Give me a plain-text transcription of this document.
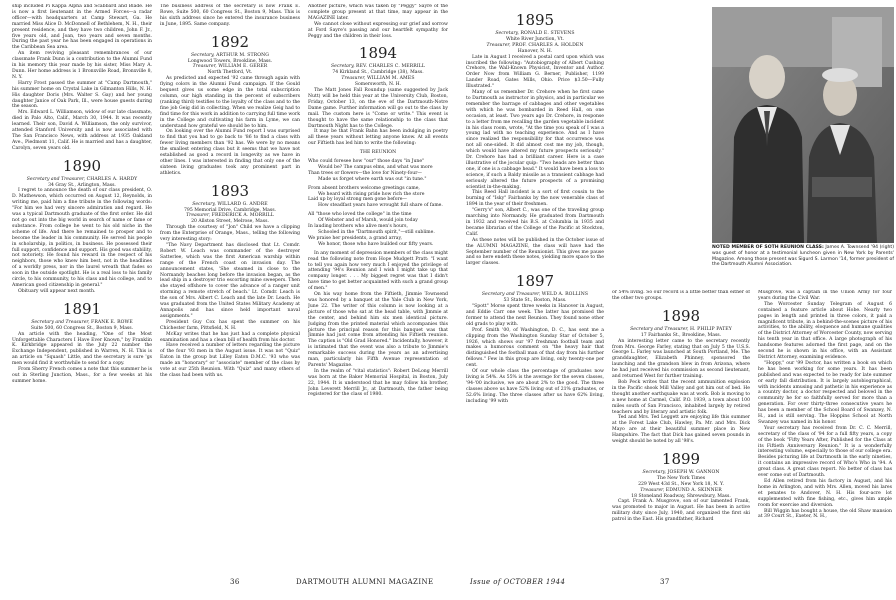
ship included Pi Kappa Alpha and Scabbard and Blade. He is now a first lieutenant in the Armed Forces—a radar officer—with headquarters at Camp Stewart, Ga. He married Miss Alice D. McDonnell of Bethlehem, N. H., their present residence, and they have two children, John F. Jr., five years old, and Joan, two years and seven months. During the past year he has been engaged in operations in the Caribbean Sea area.

An item reviving pleasant remembrances of our classmate Frank Dunn is a contribution to the Alumni Fund in his memory this year made by his sister, Miss Mary A. Dunn. Her home address is 1 Bronxville Road, Bronxville 8, N. Y.

Harry Frost passed the summer at "Camp Dartmouth," his summer home on Crystal Lake in Gilmanton Hills, N. H. His daughter Doris (Mrs. Walter S. Gay) and her young daughter Janice of Oak Park, Ill., were house guests during the season.

Mrs. Edward L. Williamson, widow of our late classmate, died in Palo Alto, Calif., March 30, 1944. It was recently learned. Their son, David A. Williamson, the only survivor, attended Stanford University and is now associated with The San Francisco News, with address at 1935 Oakland Ave., Piedmont 11, Calif. He is married and has a daughter, Carolyn, seven years old.

1890

Secretary and Treasurer, CHARLES A. HARDY

34 Gray St., Arlington, Mass.

I regret to announce the death of our class president, O. D. Mathewson, which occurred on August 12, Reynolds, in writing me, paid him a fine tribute in the following words: "For him we had very sincere admiration and regard. He was a typical Dartmouth graduate of the first order. He did not go out into the big world in search of name or fame or substance. From college he went to his old niche in the scheme of life. And there he remained to prosper and to become the leader in his community. He served his people in scholarship, in politics, in business. He possessed their full support, confidence and support. His good was stability, not notoriety. He found his reward in the respect of his neighbors, those who knew him best, not in the headlines of a worldly press, nor in the laurel wreath that fades so soon in the outside spotlight. He is a real loss to his family circle, to his community, to his class and his college, and to American good citizenship in general."

Obituary will appear next month.

1891

Secretary and Treasurer, FRANK E. ROWE

Suite 500, 60 Congress St., Boston 9, Mass.

An article with the heading, "One of the Most Unforgettable Characters I Have Ever Known," by Franklin K. Kirkbridge appeared in the July 22 number the Exchange Independent, published in Warren, N. H. This is an article on "Squash" Little, and the secretary is sure 'gs men would find it worthwhile to send for a copy.

From Sherry French comes a note that this summer he is out in Sterling Junction, Mass., for a few weeks at his summer home.

The business address of the secretary is now Frank E. Rowe, Suite 500, 60 Congress St., Boston 9, Mass. This is his sixth address since he entered the insurance business in June, 1895. Same company.

1892

Secretary, ARTHUR M. STRONG

Longwood Towers, Brookline, Mass.

Treasurer, WILLIAM E. GERER

North Thetford, Vt.

As predicted and expected '92 came through again with flying colors in the Alumni Fund campaign. If the Gould bequest gives us some edge in the total subscription column, our high standing in the percent of subscribers (ranking third) testifies to the loyalty of the class and to the fine job Geig did in collecting. When we realize Geig had to find time for this work in addition to carrying full time work in the College and cultivating his farm in Lyme, we can understand how grateful we should be to him.

On looking over the Alumni Fund report I was surprised to find that you had to go back to '86 to find a class with fewer living members than '92 has. We were by no means the smallest entering class but it seems that we have not established as good a record in longevity as we have in other lines. I was interested in finding that only one of the sixteen living graduates took any prominent part in athletics.

1893

Secretary, WILLARD G. ANDRE

795 Memorial Drive, Cambridge, Mass.

Treasurer, FREDERICK A. MORRILL

20 Allston Street, Melrose, Mass.

Through the courtesy of "Jon" Child we have a clipping from the Enterprise of Orange, Mass., telling the following very interesting story:

"The Navy Department has disclosed that Lt. Comdr. Robert W. Leach was commander of the destroyer Satterlee, which was the first American warship within range of the French coast on invasion day. The announcement states, 'She steamed in close to the Normandy beaches long before the invasion began, as the lead ship in a destroyer trio escorting mine sweepers. Then she stayed offshore to cover the advance of a ranger unit storming a remote stretch of beach.' Lt. Comdr. Leach is the son of Mrs. Albert C. Leach and the late Dr. Leach. He was graduated from the United States Military Academy at Annapolis and has since held important naval assignments."

President Guy Cox has spent the summer on his Chichester farm, Pittsfield, N. H.

McKay writes that he has just had a complete physical examination and has a clean bill of health from his doctor.

Have received a number of letters regarding the picture of the four '93 men in the August issue. It was not "Quiz" Eaton in the group but Lilley Eaton D.M.C. '93 who was made an "honorary" or "associate" member of the class by vote at our 25th Reunion. With "Quiz" and many others of the class had been with us.

Another picture, which was taken by "Peggy" Sayre of the complete group present at that time, may appear in the MAGAZINE later.

We cannot close without expressing our grief and sorrow at Ford Sayre's passing and our heartfelt sympathy for Peggy and the children in their loss.

1894

Secretary, REV. CHARLES C. MERRILL

74 Kirkland St., Cambridge (38), Mass.

Treasurer, WILLIAM M. AMES

Somersworth, N. H.

The Matt Jones Fall Roundup (same suggested by Jack Nutt) will be held this year at the University Club, Boston, Friday, October 13, on the eve of the Dartmouth-Notre Dame game. Further information will go out to the class by mail. The custom here is "Come or write." This event is thought to have the same relationship to the class that Dartmouth Night has to the College.

It may be that Frank Bahn has been indulging in poetry all these years without letting anyone know. At all events our Fiftieth has led him to write the following:

THE REUNION

Who could foresee how "our" those days "in June"

Would be? The campus elms, and what was more

Than trees or flowers—the love for Ninety-four—

Made us forget where earth was out "in tune."

From absent brothers welcome greetings came,

We heard with rising pride how rich the store

Laid up by loyal strong men gone before—

How steadfast years have wrought full share of fame.

All "those who loved the college" in the time

Of Webster and of Marsh, would join today

In lauding brothers who alive men's hours,

Schooled in the "Dartmouth spirit,"—still sublime.

We praise her presidents, a grand array,

We honor, those who have builded our fifty years.

In any moment of depression members of the class might read the following note from Hope Mudgett Pratt: "I want to tell you again how very much I enjoyed the privilege of attending '94's Reunion and I wish I might take up that company longer. . . . My biggest regret was that I didn't have time to get better acquainted with such a grand group of men."

On his way home from the Fiftieth, Jimmie Townsend was honored by a banquet at the Yale Club in New York, June 22. The writer of this column is now looking at a picture of those who sat at the head table, with Jimmie at the center, and behind him six men identical picture. Judging from the printed material which accompanies this picture the principal reason for this banquet was that Jimmie had just come from attending his Fiftieth reunion. The caption is "Old Grad Honored." Incidentally, however, it is intimated that the event was also a tribute to Jimmie's remarkable success during the years as an advertising man, particularly his Fifth Avenue representation of Parents' Magazine.

In the realm of "vital statistics": Robert DeLong Merrill was born at the Baker Memorial Hospital, in Boston, July 22, 1944. It is understood that he may follow his brother, John Leverett Merrill Jr., at Dartmouth, the father being registered for the class of 1980.

36	DARTMOUTH ALUMNI MAGAZINE
1895

Secretary, RONALD E. STEVENS

White River Junction, Vt.

Treasurer, PROF. CHARLES A. HOLDEN

Hanover, N. H.

Late in August I received a postal card upon which was inscribed the following: "Autobiography of Albert Cushing Crehore, the Wall-Known Physicist, Inventor and Author. Order Now from William G. Berner, Publisher, 1199 Lander Road, Gates Mills, Ohio. Price $3.50—Fully Illustrated."

Many of us remember Dr. Crehore when he first came to Dartmouth as instructor in physics, and in particular we remember the barrage of cabbages and other vegetables with which he was bombarded in Reed Hall, on one occasion, at least. Two years ago Dr. Crehore, in response to a letter from me recalling the garden vegetable incident in his class room, wrote, "At the time you speak of I was a young lad with no teaching experience. And as I have since realized the responsibility for that occurrence was not all one-sided. It did almost cost me my job, though, which would have altered my future prospects seriously." Dr. Crehore has had a brilliant career. Here is a case illustrative of the jocular quip: "Two heads are better than one, if one is a cabbage head." It would have been a loss to science, if such a Baldy missile as a transient cabbage had seriously altered the future prospects of a promising scientist in-the-making.

This Reed Hall incident is a sort of first cousin to the burning of "Isky" Fairbanks by the now venerable class of 1894 in the year of their freshmen.

"Gerry's" son, Albert C., was one of the traveling group marching into Normandy. He graduated from Dartmouth in 1932 and received his B.S. at Columbia in 1935 and became librarian of the College of the Pacific at Stockton, Calif.

As these notes will be published in the October issue of the ALUMNI MAGAZINE, the class will have had the September number of the Reunionist. This gives me pause and so here endeth these notes, yielding more space to the larger classes.

1897

Secretary and Treasurer, WELD A. ROLLINS

53 State St., Boston, Mass.

"Spott" Morse spent three weeks in Hanover in August, and Eddie Carr one week. The latter has promised the former to attend the next Reunion. They found none other old grads to play with.

Prof. Smith '00, of Washington, D. C., has sent me a clipping from the Washington Sunday Star of October 5, 1926, which shows our '97 freshman football team and makes a humorous comment on "the heavy hair that distinguished the football man of that day from his further fellows." Few in this group are living, only twenty-one per cent.

Of our whole class the percentage of graduates now living is 54%. As 55% is the average for the seven classes, '94-'00 inclusive, we are about 2% to the good. The three classes above us have 52% living out of 21% graduates, or 52.6% living. The three classes after us have 62% living, including '99 with

NOTED MEMBER OF SOTH REUNION CLASS: James A. Townsend '94 (right) was guest of honor at a testimonial luncheon given in New York by Parents' Magazine. Among those present was Sigurd S. Larmon '14, former president of the Dartmouth Alumni Association.

or 54% living. So our record is a little better than either of the other two groups.

1898

Secretary and Treasurer, H. PHILIP PATEY

17 Fairbanks St., Brookline, Mass.

An interesting letter came to the secretary recently from Mrs. George Farley, stating that on July 5 the U.S.S. George L. Farley was launched at South Portland, Me. The granddaughter, Elizabeth Phinney, sponsored the launching and the grandson blew in from Arizona, where he had just received his commission as second lieutenant, and returned West for further training.

Bob Peck writes that the recent ammunition explosion in the Pacific shook Mill Valley and got him out of bed. He thought another earthquake was at work. Bob is moving to a new home at Carmel, Calif. P.O. 1939, a town about 100 miles south of San Francisco, inhabited largely by retired teachers and by literary and artistic folk.

Ted and Mrs. Ted Leggett are enjoying life this summer at the Forest Lake Club, Hawley, Pa. Mr. and Mrs. Dick Mayo are at their beautiful summer place in New Hampshire. The fact that Dick has gained seven pounds in weight should be noted by all '98's.

1899

Secretary, JOSEPH W. GANNON

The New York Times

229 West 43d St., New York 18, N. Y.

Treasurer, EDMUND A. SKINNER

18 Stoneland Roadway, Shrewsbury, Mass.

Capt. Frank A. Musgrove, son of our lamented Frank, was promoted to major in August. He has been in active military duty since July, 1940, and organized the first ski patrol in the East. His grandfather, Richard

Musgrove, was a captain in the Union Army for four years during the Civil War.

The Worcester Sunday Telegram of August 6 contained a feature article about Hobe. Nearly two pages in length and printed in three colors, it paid a magnificent tribute, in a behind-the-scenes picture of his activities, to the ability, eloquence and humane qualities of the District Attorney of Worcester County, now serving his tenth year in that office. A large photograph of his handsome features adorned the first page, and on the second he is shown in his office, with an Assistant District Attorney, examining evidence.

"Hoppy," our '99 Doctor, has written a book on which he has been working for some years. It has been published and was expected to be ready for late summer or early fall distribution. It is largely autobiographical, with incidents amusing and pathetic in his experience as a country doctor, a doctor respected and beloved in the community he for so faithfully served for more than a generation. For over thirty-three consecutive years he has been a member of the School Board of Swanzey, N. H., and is still serving. The Hoppins School at North Swanzey was named in his honor.

Your secretary has received from Dr. C. C. Merrill, secretary of the class of '94 for a full fifty years, a copy of the book "Fifty Years After, Published for the Class at its Fiftieth Anniversary Reunion." It is a wonderfully interesting volume, especially to those of our college era. Besides picturing life at Dartmouth in the early nineties, it contains an impressive record of Who's Who in '94. A great class. A great class report. No better of class has ever come out of Dartmouth.

Ed Allen retired from his factory in August, and his home in Arlington, and with Mrs. Allen, moved his lares et penates to Andover, N. H. His four-acre lot supplemented with fine fishing, etc., gives him ample room for exercise and diversion.

Bill Wiggin has bought a house, the old Shaw mansion at 39 Court St., Exeter, N. H.,

Issue of OCTOBER 1944	37
